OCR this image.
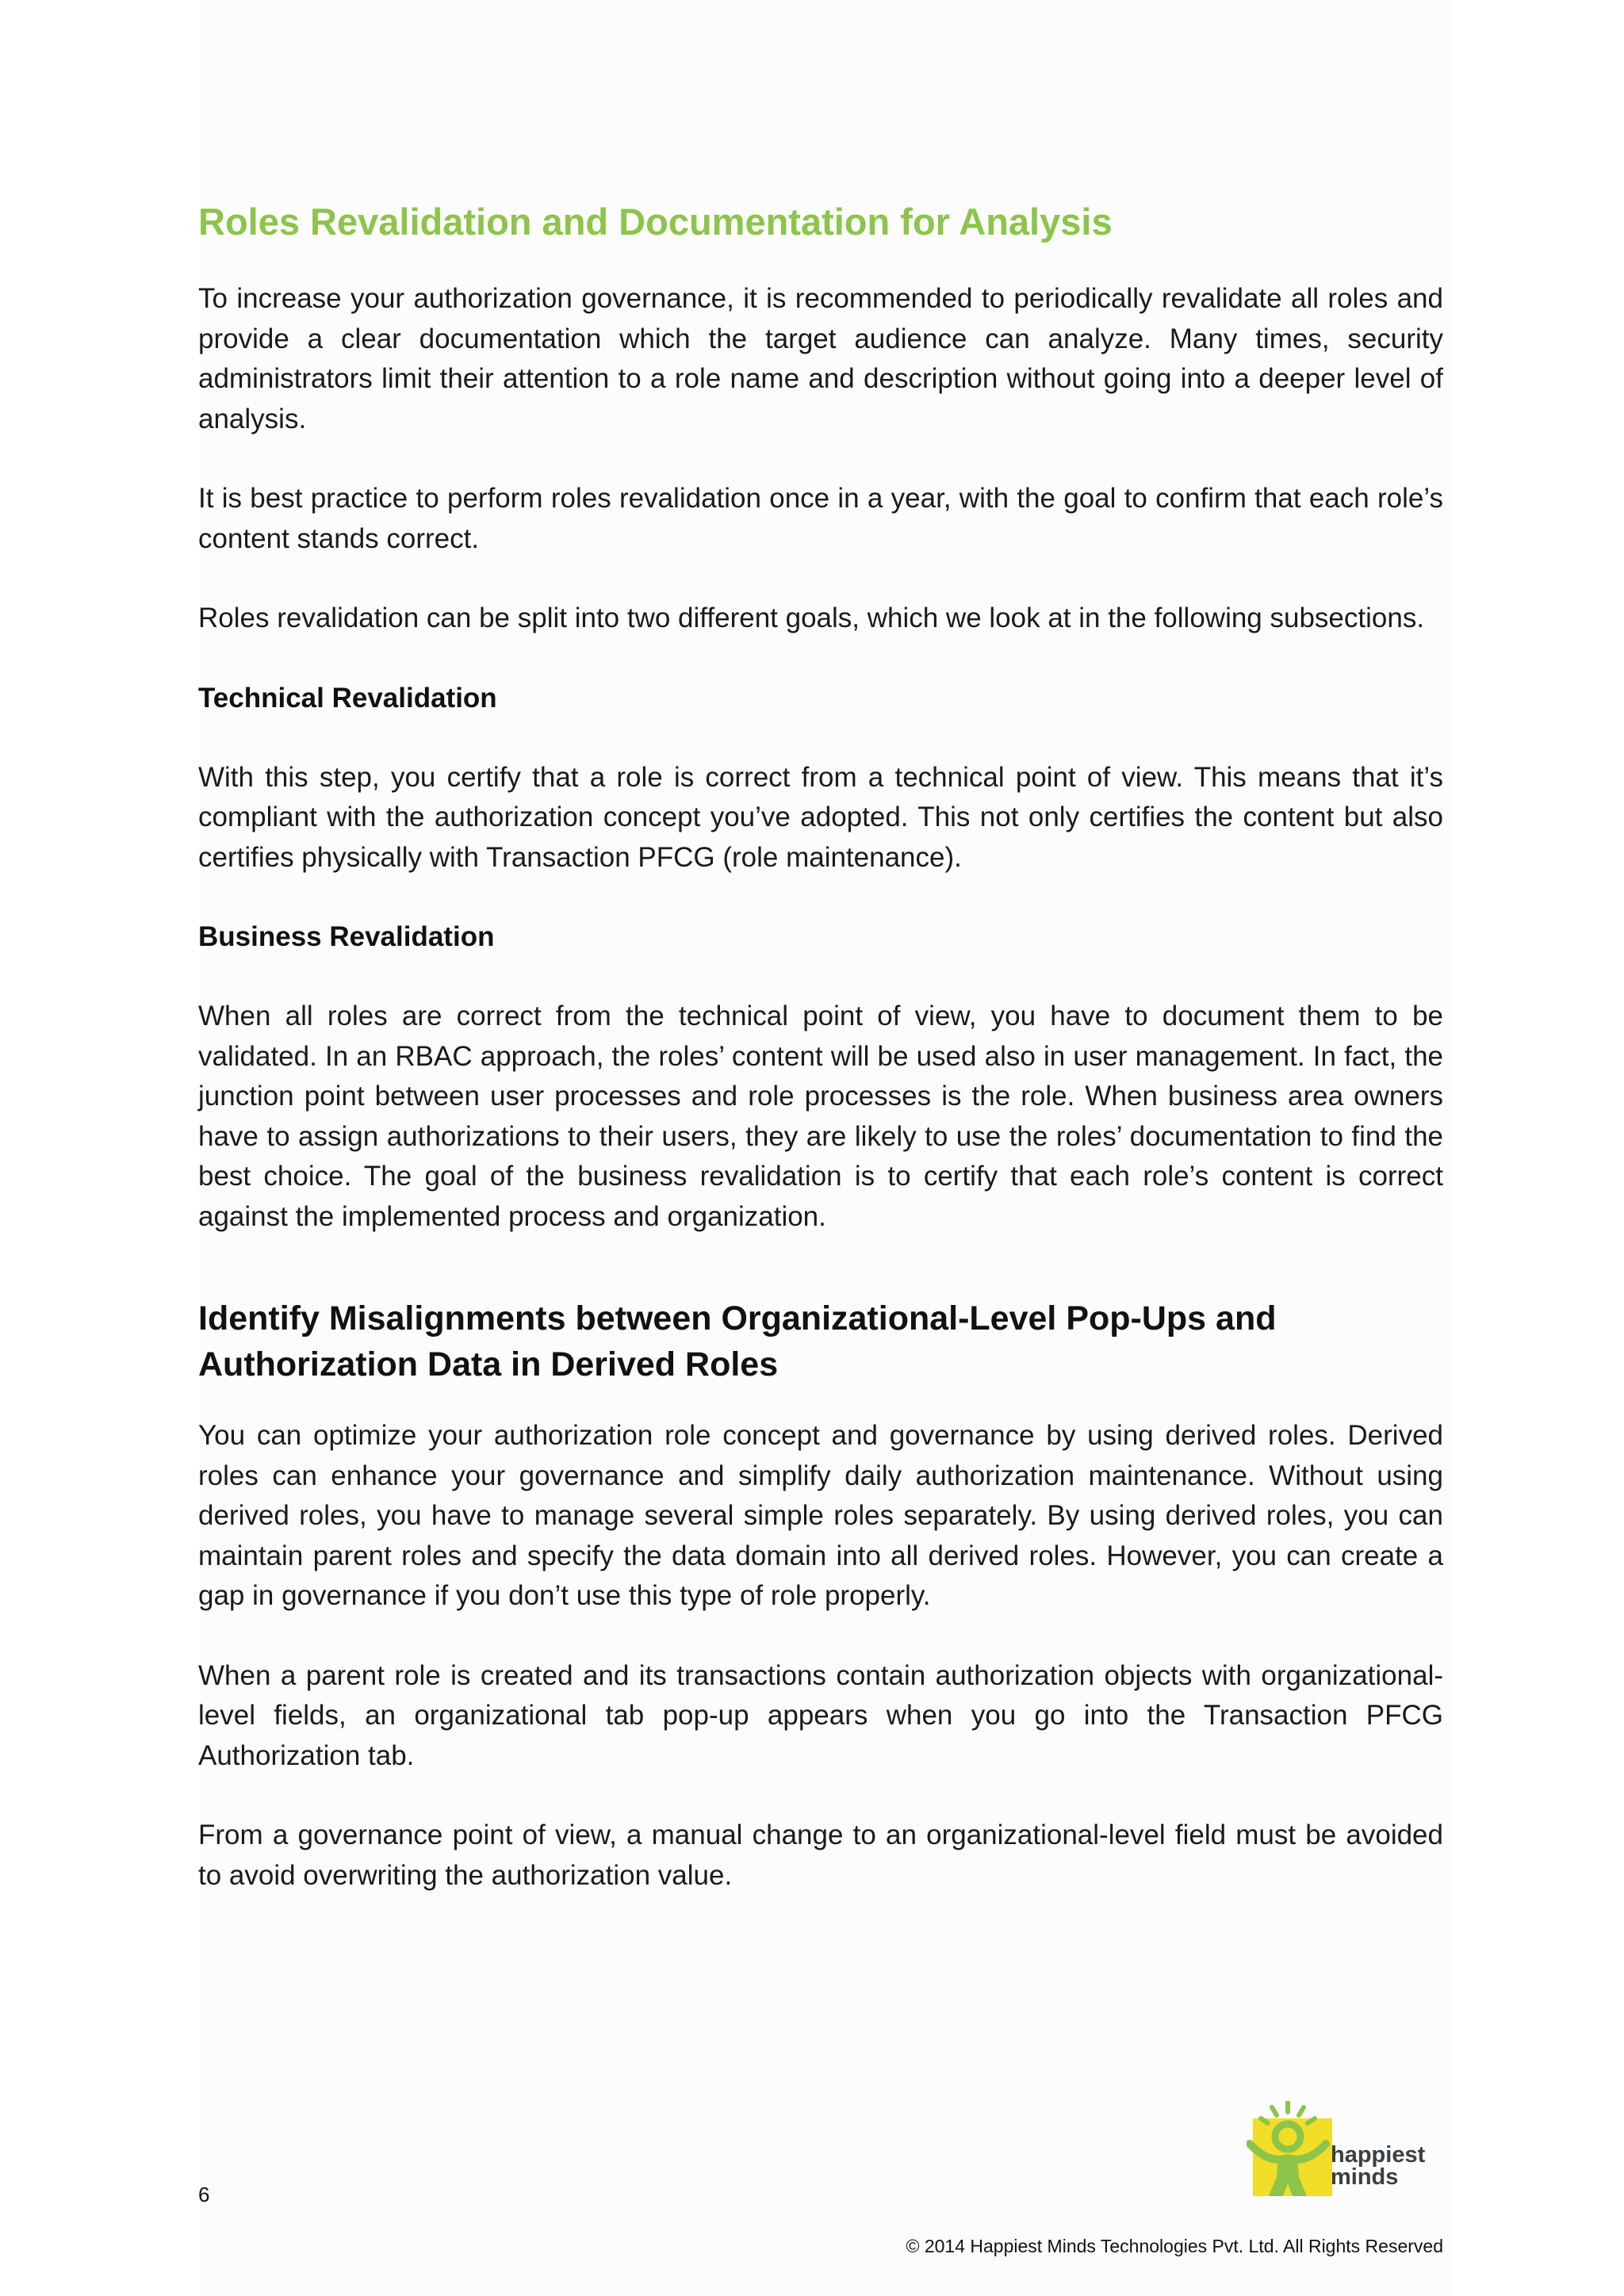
Roles Revalidation and Documentation for Analysis

To increase your authorization governance, it is recommended to periodically revalidate all roles and provide a clear documentation which the target audience can analyze. Many times, security administrators limit their attention to a role name and description without going into a deeper level of analysis.

It is best practice to perform roles revalidation once in a year, with the goal to confirm that each role’s content stands correct.

Roles revalidation can be split into two different goals, which we look at in the following subsections.

Technical Revalidation

With this step, you certify that a role is correct from a technical point of view. This means that it’s compliant with the authorization concept you’ve adopted. This not only certifies the content but also certifies physically with Transaction PFCG (role maintenance).

Business Revalidation

When all roles are correct from the technical point of view, you have to document them to be validated. In an RBAC approach, the roles’ content will be used also in user management. In fact, the junction point between user processes and role processes is the role. When business area owners have to assign authorizations to their users, they are likely to use the roles’ documentation to find the best choice. The goal of the business revalidation is to certify that each role’s content is correct against the implemented process and organization.

Identify Misalignments between Organizational-Level Pop-Ups and
Authorization Data in Derived Roles

You can optimize your authorization role concept and governance by using derived roles. Derived roles can enhance your governance and simplify daily authorization maintenance. Without using derived roles, you have to manage several simple roles separately. By using derived roles, you can maintain parent roles and specify the data domain into all derived roles. However, you can create a gap in governance if you don’t use this type of role properly.

When a parent role is created and its transactions contain authorization objects with organizational-level fields, an organizational tab pop-up appears when you go into the Transaction PFCG Authorization tab.

From a governance point of view, a manual change to an organizational-level field must be avoided to avoid overwriting the authorization value.

happiest
minds
6
© 2014 Happiest Minds Technologies Pvt. Ltd. All Rights Reserved
